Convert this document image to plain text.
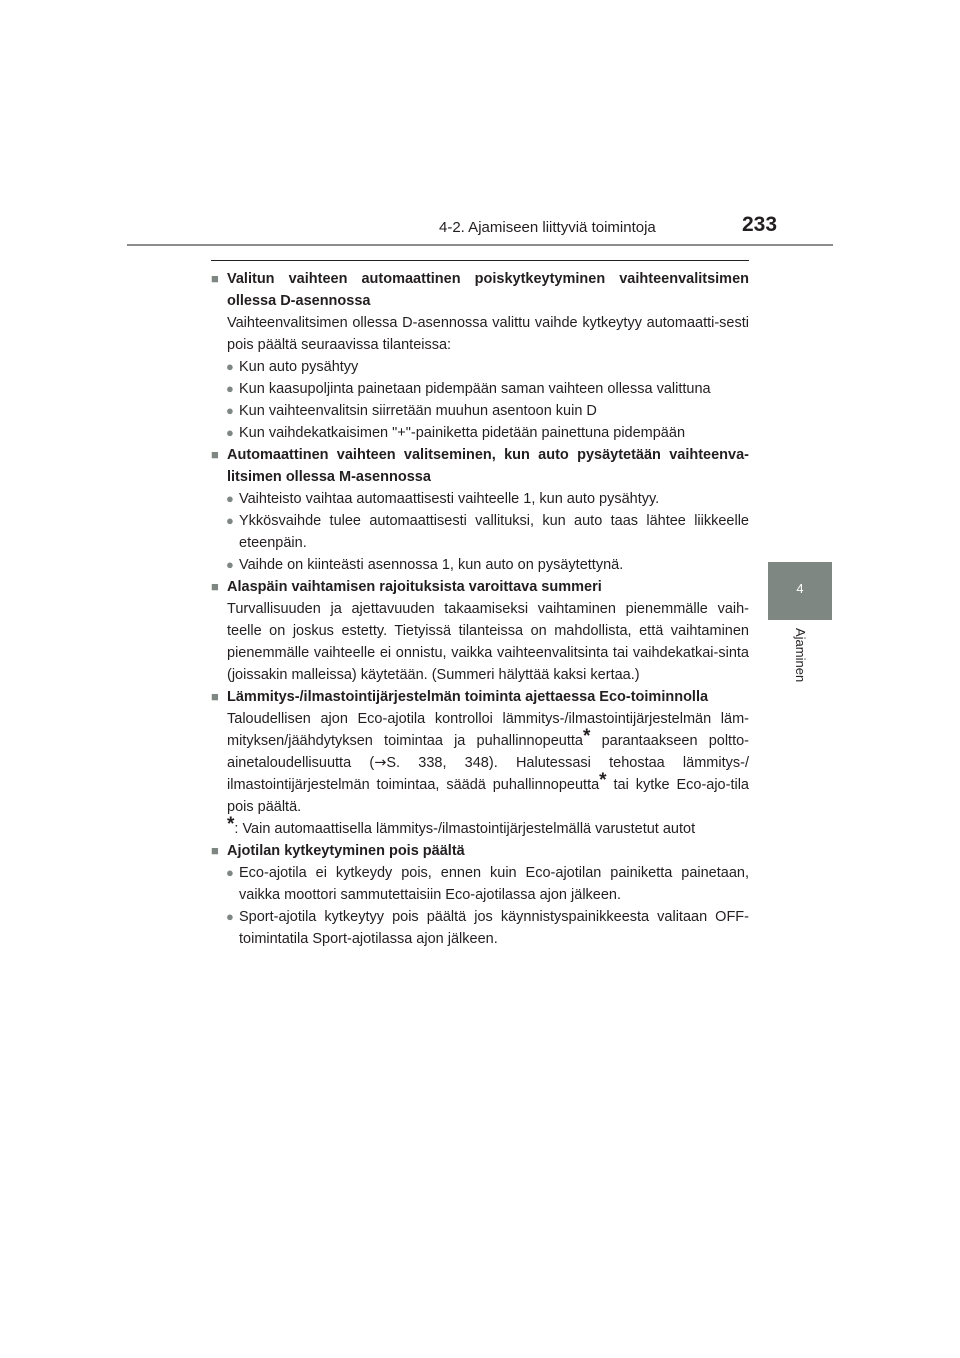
4-2. Ajamiseen liittyviä toimintoja	233
4
Ajaminen

■ Valitun vaihteen automaattinen poiskytkeytyminen vaihteenvalitsimen ollessa D-asennossa

Vaihteenvalitsimen ollessa D-asennossa valittu vaihde kytkeytyy automaatti-sesti pois päältä seuraavissa tilanteissa:

● Kun auto pysähtyy

● Kun kaasupoljinta painetaan pidempään saman vaihteen ollessa valittuna

● Kun vaihteenvalitsin siirretään muuhun asentoon kuin D

● Kun vaihdekatkaisimen "+"-painiketta pidetään painettuna pidempään

■ Automaattinen vaihteen valitseminen, kun auto pysäytetään vaihteenva-litsimen ollessa M-asennossa

● Vaihteisto vaihtaa automaattisesti vaihteelle 1, kun auto pysähtyy.

● Ykkösvaihde tulee automaattisesti vallituksi, kun auto taas lähtee liikkeelle eteenpäin.

● Vaihde on kiinteästi asennossa 1, kun auto on pysäytettynä.

■ Alaspäin vaihtamisen rajoituksista varoittava summeri

Turvallisuuden ja ajettavuuden takaamiseksi vaihtaminen pienemmälle vaih-teelle on joskus estetty. Tietyissä tilanteissa on mahdollista, että vaihtaminen pienemmälle vaihteelle ei onnistu, vaikka vaihteenvalitsinta tai vaihdekatkai-sinta (joissakin malleissa) käytetään. (Summeri hälyttää kaksi kertaa.)

■ Lämmitys-/ilmastointijärjestelmän toiminta ajettaessa Eco-toiminnolla

Taloudellisen ajon Eco-ajotila kontrolloi lämmitys-/ilmastointijärjestelmän läm-mityksen/jäähdytyksen toimintaa ja puhallinnopeutta* parantaakseen poltto-ainetaloudellisuutta (→S. 338, 348). Halutessasi tehostaa lämmitys-/ ilmastointijärjestelmän toimintaa, säädä puhallinnopeutta* tai kytke Eco-ajo-tila pois päältä.

*: Vain automaattisella lämmitys-/ilmastointijärjestelmällä varustetut autot

■ Ajotilan kytkeytyminen pois päältä

● Eco-ajotila ei kytkeydy pois, ennen kuin Eco-ajotilan painiketta painetaan, vaikka moottori sammutettaisiin Eco-ajotilassa ajon jälkeen.

● Sport-ajotila kytkeytyy pois päältä jos käynnistyspainikkeesta valitaan OFF-toimintatila Sport-ajotilassa ajon jälkeen.
